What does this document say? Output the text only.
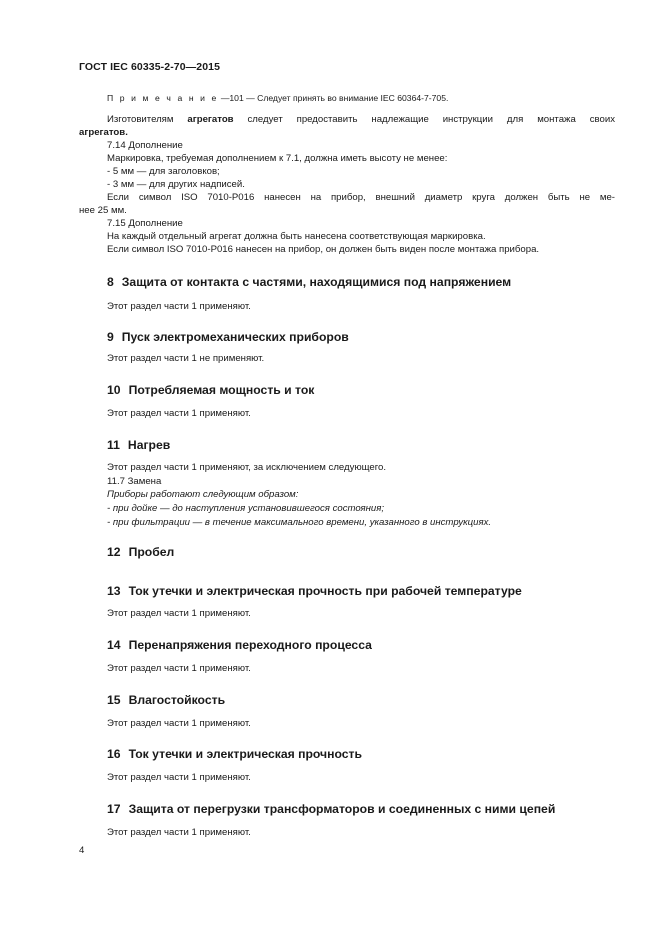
ГОСТ IEC 60335-2-70—2015
П р и м е ч а н и е —101 — Следует принять во внимание IEC 60364-7-705.
Изготовителям агрегатов следует предоставить надлежащие инструкции для монтажа своих
агрегатов.
7.14 Дополнение
Маркировка, требуемая дополнением к 7.1, должна иметь высоту не менее:
- 5 мм — для заголовков;
- 3 мм — для других надписей.
Если символ ISO 7010-P016 нанесен на прибор, внешний диаметр круга должен быть не ме-
нее 25 мм.
7.15 Дополнение
На каждый отдельный агрегат должна быть нанесена соответствующая маркировка.
Если символ ISO 7010-P016 нанесен на прибор, он должен быть виден после монтажа прибора.
8 Защита от контакта с частями, находящимися под напряжением
Этот раздел части 1 применяют.
9 Пуск электромеханических приборов
Этот раздел части 1 не применяют.
10 Потребляемая мощность и ток
Этот раздел части 1 применяют.
11 Нагрев
Этот раздел части 1 применяют, за исключением следующего.
11.7 Замена
Приборы работают следующим образом:
- при дойке — до наступления установившегося состояния;
- при фильтрации — в течение максимального времени, указанного в инструкциях.
12 Пробел
13 Ток утечки и электрическая прочность при рабочей температуре
Этот раздел части 1 применяют.
14 Перенапряжения переходного процесса
Этот раздел части 1 применяют.
15 Влагостойкость
Этот раздел части 1 применяют.
16 Ток утечки и электрическая прочность
Этот раздел части 1 применяют.
17 Защита от перегрузки трансформаторов и соединенных с ними цепей
Этот раздел части 1 применяют.
4
